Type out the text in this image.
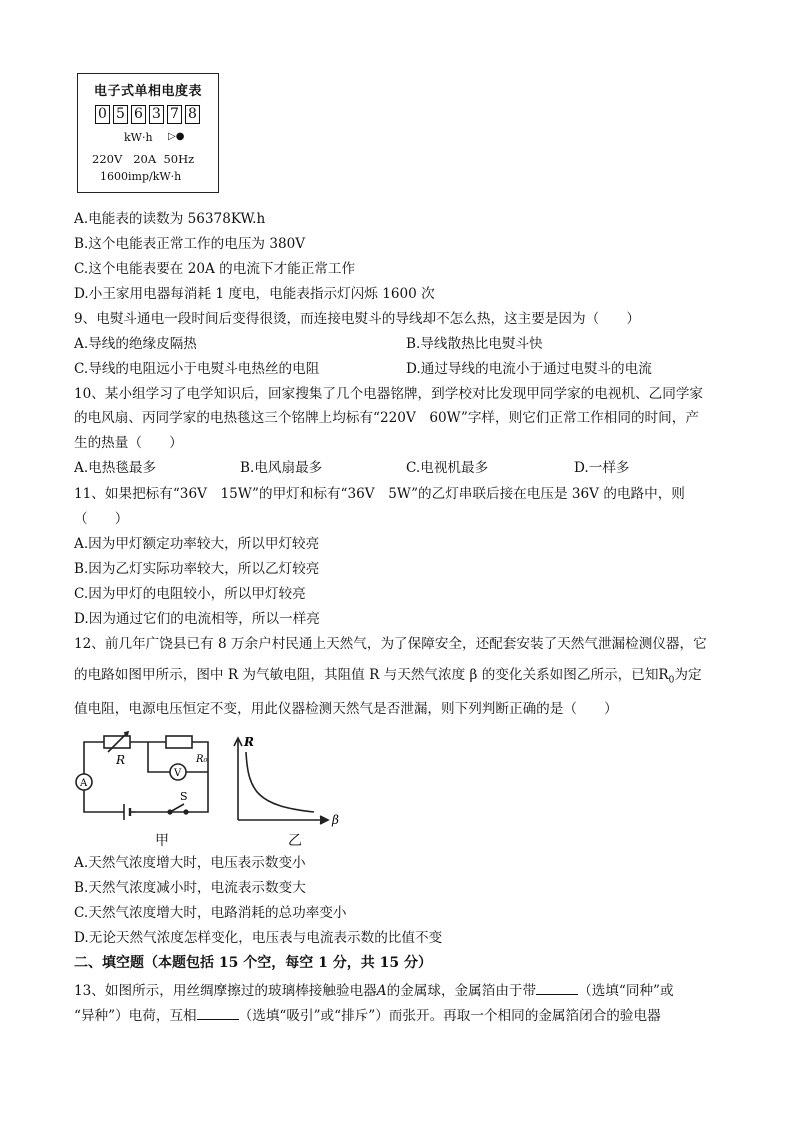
电子式单相电度表
0 5 6 3 7 8
kW·h ▷●
220V   20A  50Hz
1600imp/kW·h
A.电能表的读数为 56378KW.h
B.这个电能表正常工作的电压为 380V
C.这个电能表要在 20A 的电流下才能正常工作
D.小王家用电器每消耗 1 度电，电能表指示灯闪烁 1600 次
9、电熨斗通电一段时间后变得很烫，而连接电熨斗的导线却不怎么热，这主要是因为（　　）
A.导线的绝缘皮隔热	B.导线散热比电熨斗快
C.导线的电阻远小于电熨斗电热丝的电阻	D.通过导线的电流小于通过电熨斗的电流
10、某小组学习了电学知识后，回家搜集了几个电器铭牌，到学校对比发现甲同学家的电视机、乙同学家
的电风扇、丙同学家的电热毯这三个铭牌上均标有“220V　60W”字样，则它们正常工作相同的时间，产
生的热量（　　）
A.电热毯最多	B.电风扇最多	C.电视机最多	D.一样多
11、如果把标有“36V　15W”的甲灯和标有“36V　5W”的乙灯串联后接在电压是 36V 的电路中，则
（　　）
A.因为甲灯额定功率较大，所以甲灯较亮
B.因为乙灯实际功率较大，所以乙灯较亮
C.因为甲灯的电阻较小，所以甲灯较亮
D.因为通过它们的电流相等，所以一样亮
12、前几年广饶县已有 8 万余户村民通上天然气，为了保障安全，还配套安装了天然气泄漏检测仪器，它
的电路如图甲所示，图中 R 为气敏电阻，其阻值 R 与天然气浓度 β 的变化关系如图乙所示，已知$R_0$为定
值电阻，电源电压恒定不变，用此仪器检测天然气是否泄漏，则下列判断正确的是（　　）
R	R₀
V
A
S
R
β
甲	乙
A.天然气浓度增大时，电压表示数变小
B.天然气浓度减小时，电流表示数变大
C.天然气浓度增大时，电路消耗的总功率变小
D.无论天然气浓度怎样变化，电压表与电流表示数的比值不变
二、填空题（本题包括 15 个空，每空 1 分，共 15 分）
13、如图所示，用丝绸摩擦过的玻璃棒接触验电器A的金属球，金属箔由于带	（选填“同种”或
“异种”）电荷，互相	（选填“吸引”或“排斥”）而张开。再取一个相同的金属箔闭合的验电器
